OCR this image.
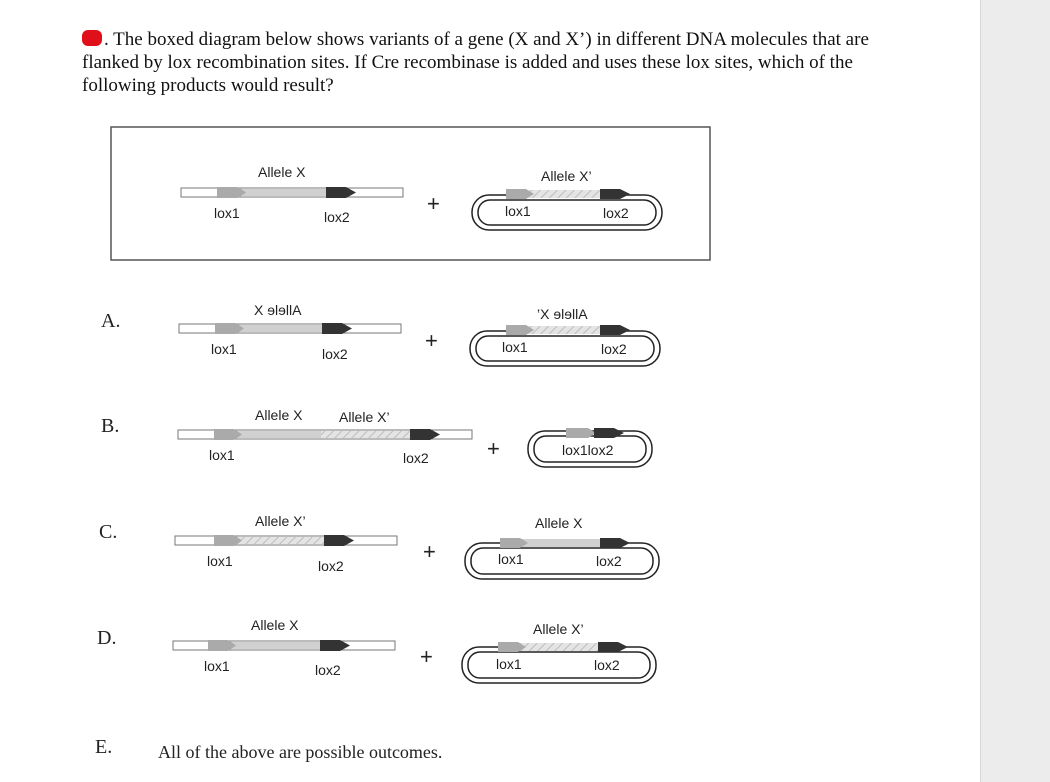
. The boxed diagram below shows variants of a gene (X and X’) in different DNA molecules that are flanked by lox recombination sites. If Cre recombinase is added and uses these lox sites, which of the following products would result?
Allele X
lox1	lox2
+
Allele X’
lox1	lox2
A.	Allele X
lox1	lox2
+
Allele X’
lox1	lox2
B.	Allele X	Allele X’
lox1	lox2	+	lox1lox2
C.	Allele X’
lox1	lox2
+
Allele X
lox1	lox2
D.
Allele X
lox1	lox2
+
Allele X’
lox1	lox2
E.	All of the above are possible outcomes.
